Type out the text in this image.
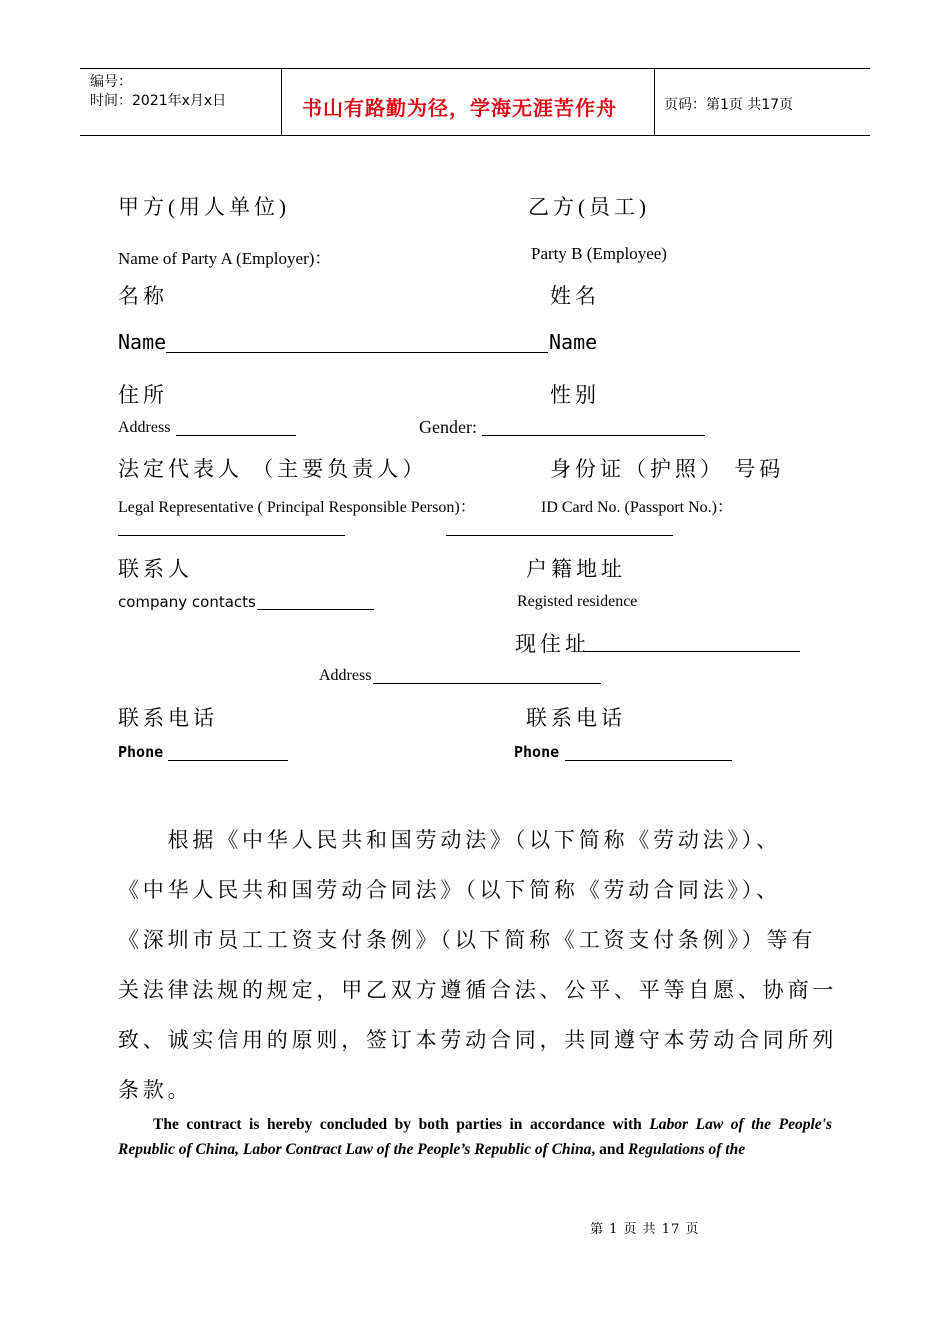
编号：
时间：2021年x月x日	书山有路勤为径，学海无涯苦作舟	页码：第1页 共17页
甲方(用人单位)	乙方(员工)
Name of Party A (Employer)：	Party B (Employee)
名称	姓名
Name	Name
住所	性别
Address	Gender:
法定代表人 （主要负责人）	身份证（护照） 号码
Legal Representative ( Principal Responsible Person)：	ID Card No. (Passport No.)：
联系人	户籍地址
company contacts	Registed residence
现住址
Address
联系电话	联系电话
Phone	Phone
　　根据《中华人民共和国劳动法》（以下简称《劳动法》）、
《中华人民共和国劳动合同法》（以下简称《劳动合同法》）、
《深圳市员工工资支付条例》（以下简称《工资支付条例》）等有
关法律法规的规定，甲乙双方遵循合法、公平、平等自愿、协商一
致、诚实信用的原则，签订本劳动合同，共同遵守本劳动合同所列
条款。
The contract is hereby concluded by both parties in accordance with Labor Law of the People's Republic of China, Labor Contract Law of the People’s Republic of China, and Regulations of the
第 1 页 共 17 页
